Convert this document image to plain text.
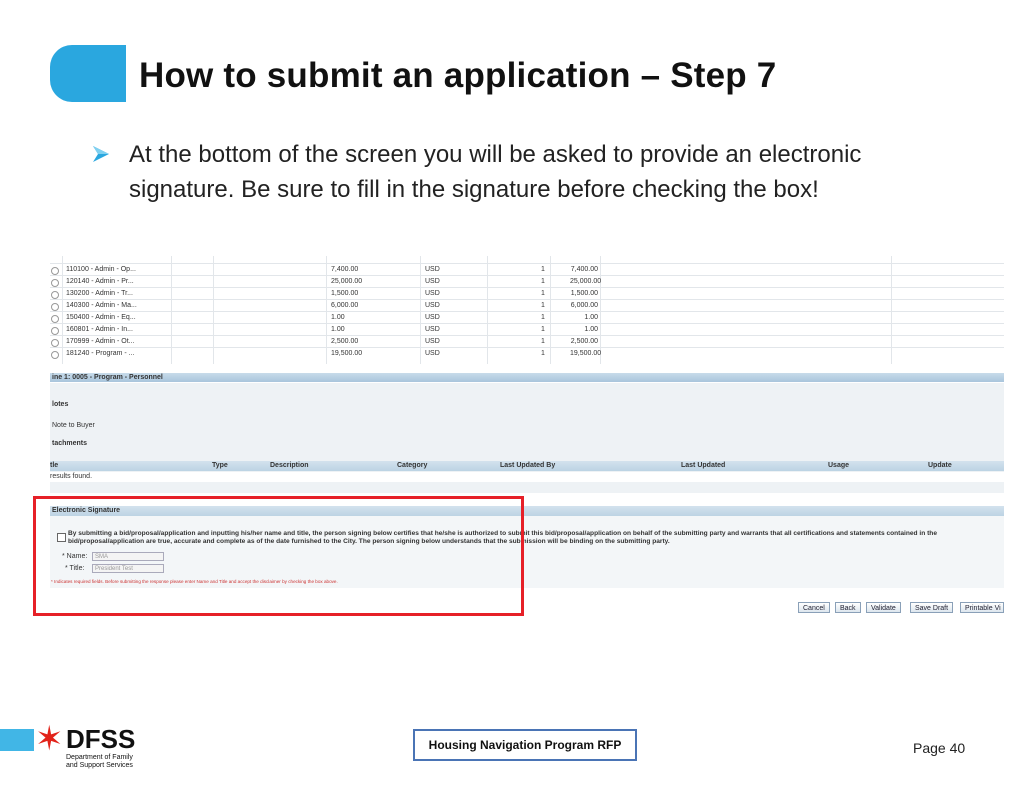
How to submit an application – Step 7
At the bottom of the screen you will be asked to provide an electronic signature. Be sure to fill in the signature before checking the box!
110100 - Admin - Op...	7,400.00	USD	1	7,400.00
120140 - Admin - Pr...	25,000.00	USD	1	25,000.00
130200 - Admin - Tr...	1,500.00	USD	1	1,500.00
140300 - Admin - Ma...	6,000.00	USD	1	6,000.00
150400 - Admin - Eq...	1.00	USD	1	1.00
160801 - Admin - In...	1.00	USD	1	1.00
170999 - Admin - Ot...	2,500.00	USD	1	2,500.00
181240 - Program - ...	19,500.00	USD	1	19,500.00
ine 1: 0005 - Program - Personnel
lotes
Note to Buyer
tachments
tle	Type	Description	Category	Last Updated By	Last Updated	Usage	Update
results found.
Electronic Signature
By submitting a bid/proposal/application and inputting his/her name and title, the person signing below certifies that he/she is authorized to submit this bid/proposal/application on behalf of the submitting party and warrants that all certifications and statements contained in the bid/proposal/application are true, accurate and complete as of the date furnished to the City. The person signing below understands that the submission will be binding on the submitting party.
* Name:	SMA
* Title:	President Test
* Indicates required fields. Before submitting the response please enter Name and Title and accept the disclaimer by checking the box above.
Cancel	Back	Validate	Save Draft	Printable Vi
✶ DFSS
Department of Family
and Support Services
Housing Navigation Program RFP	Page 40
